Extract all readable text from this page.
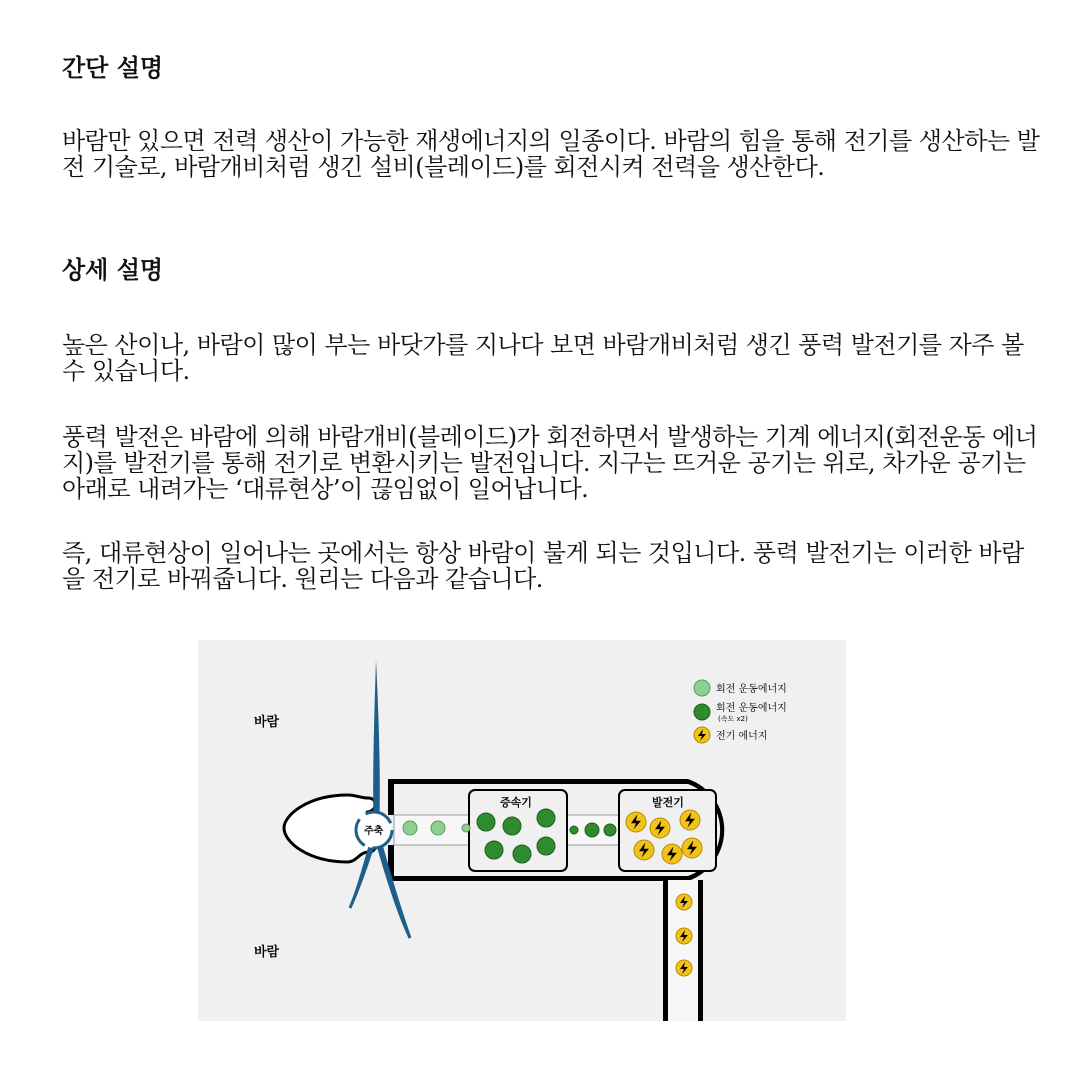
간단 설명

바람만 있으면 전력 생산이 가능한 재생에너지의 일종이다. 바람의 힘을 통해 전기를 생산하는 발전 기술로, 바람개비처럼 생긴 설비(블레이드)를 회전시켜 전력을 생산한다.

상세 설명

높은 산이나, 바람이 많이 부는 바닷가를 지나다 보면 바람개비처럼 생긴 풍력 발전기를 자주 볼 수 있습니다.

풍력 발전은 바람에 의해 바람개비(블레이드)가 회전하면서 발생하는 기계 에너지(회전운동 에너지)를 발전기를 통해 전기로 변환시키는 발전입니다. 지구는 뜨거운 공기는 위로, 차가운 공기는 아래로 내려가는 ‘대류현상’이 끊임없이 일어납니다.

즉, 대류현상이 일어나는 곳에서는 항상 바람이 불게 되는 것입니다. 풍력 발전기는 이러한 바람을 전기로 바꿔줍니다. 원리는 다음과 같습니다.

바람
바람
주축
증속기	발전기
회전 운동에너지
회전 운동에너지
(속도 x2)
전기 에너지
